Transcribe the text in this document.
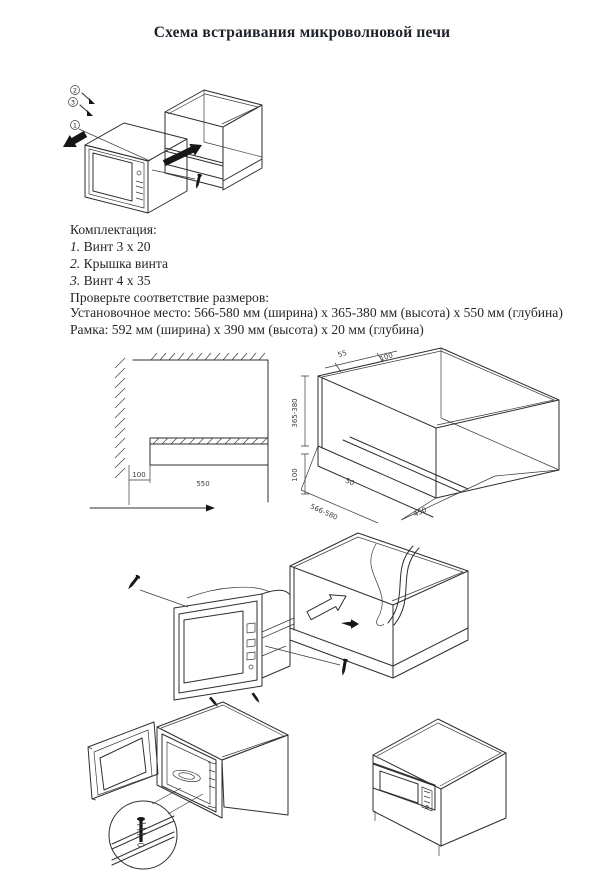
Схема встраивания микроволновой печи
2
3
1
Комплектация:
1. Винт 3 х 20
2. Крышка винта
3. Винт 4 х 35
Проверьте соответствие размеров:
Установочное место: 566-580 мм (ширина) х 365-380 мм (высота) х 550 мм (глубина)
Рамка: 592 мм (ширина) х 390 мм (высота) х 20 мм (глубина)
100
550
55	100
365-380
100
50
566-580	450
